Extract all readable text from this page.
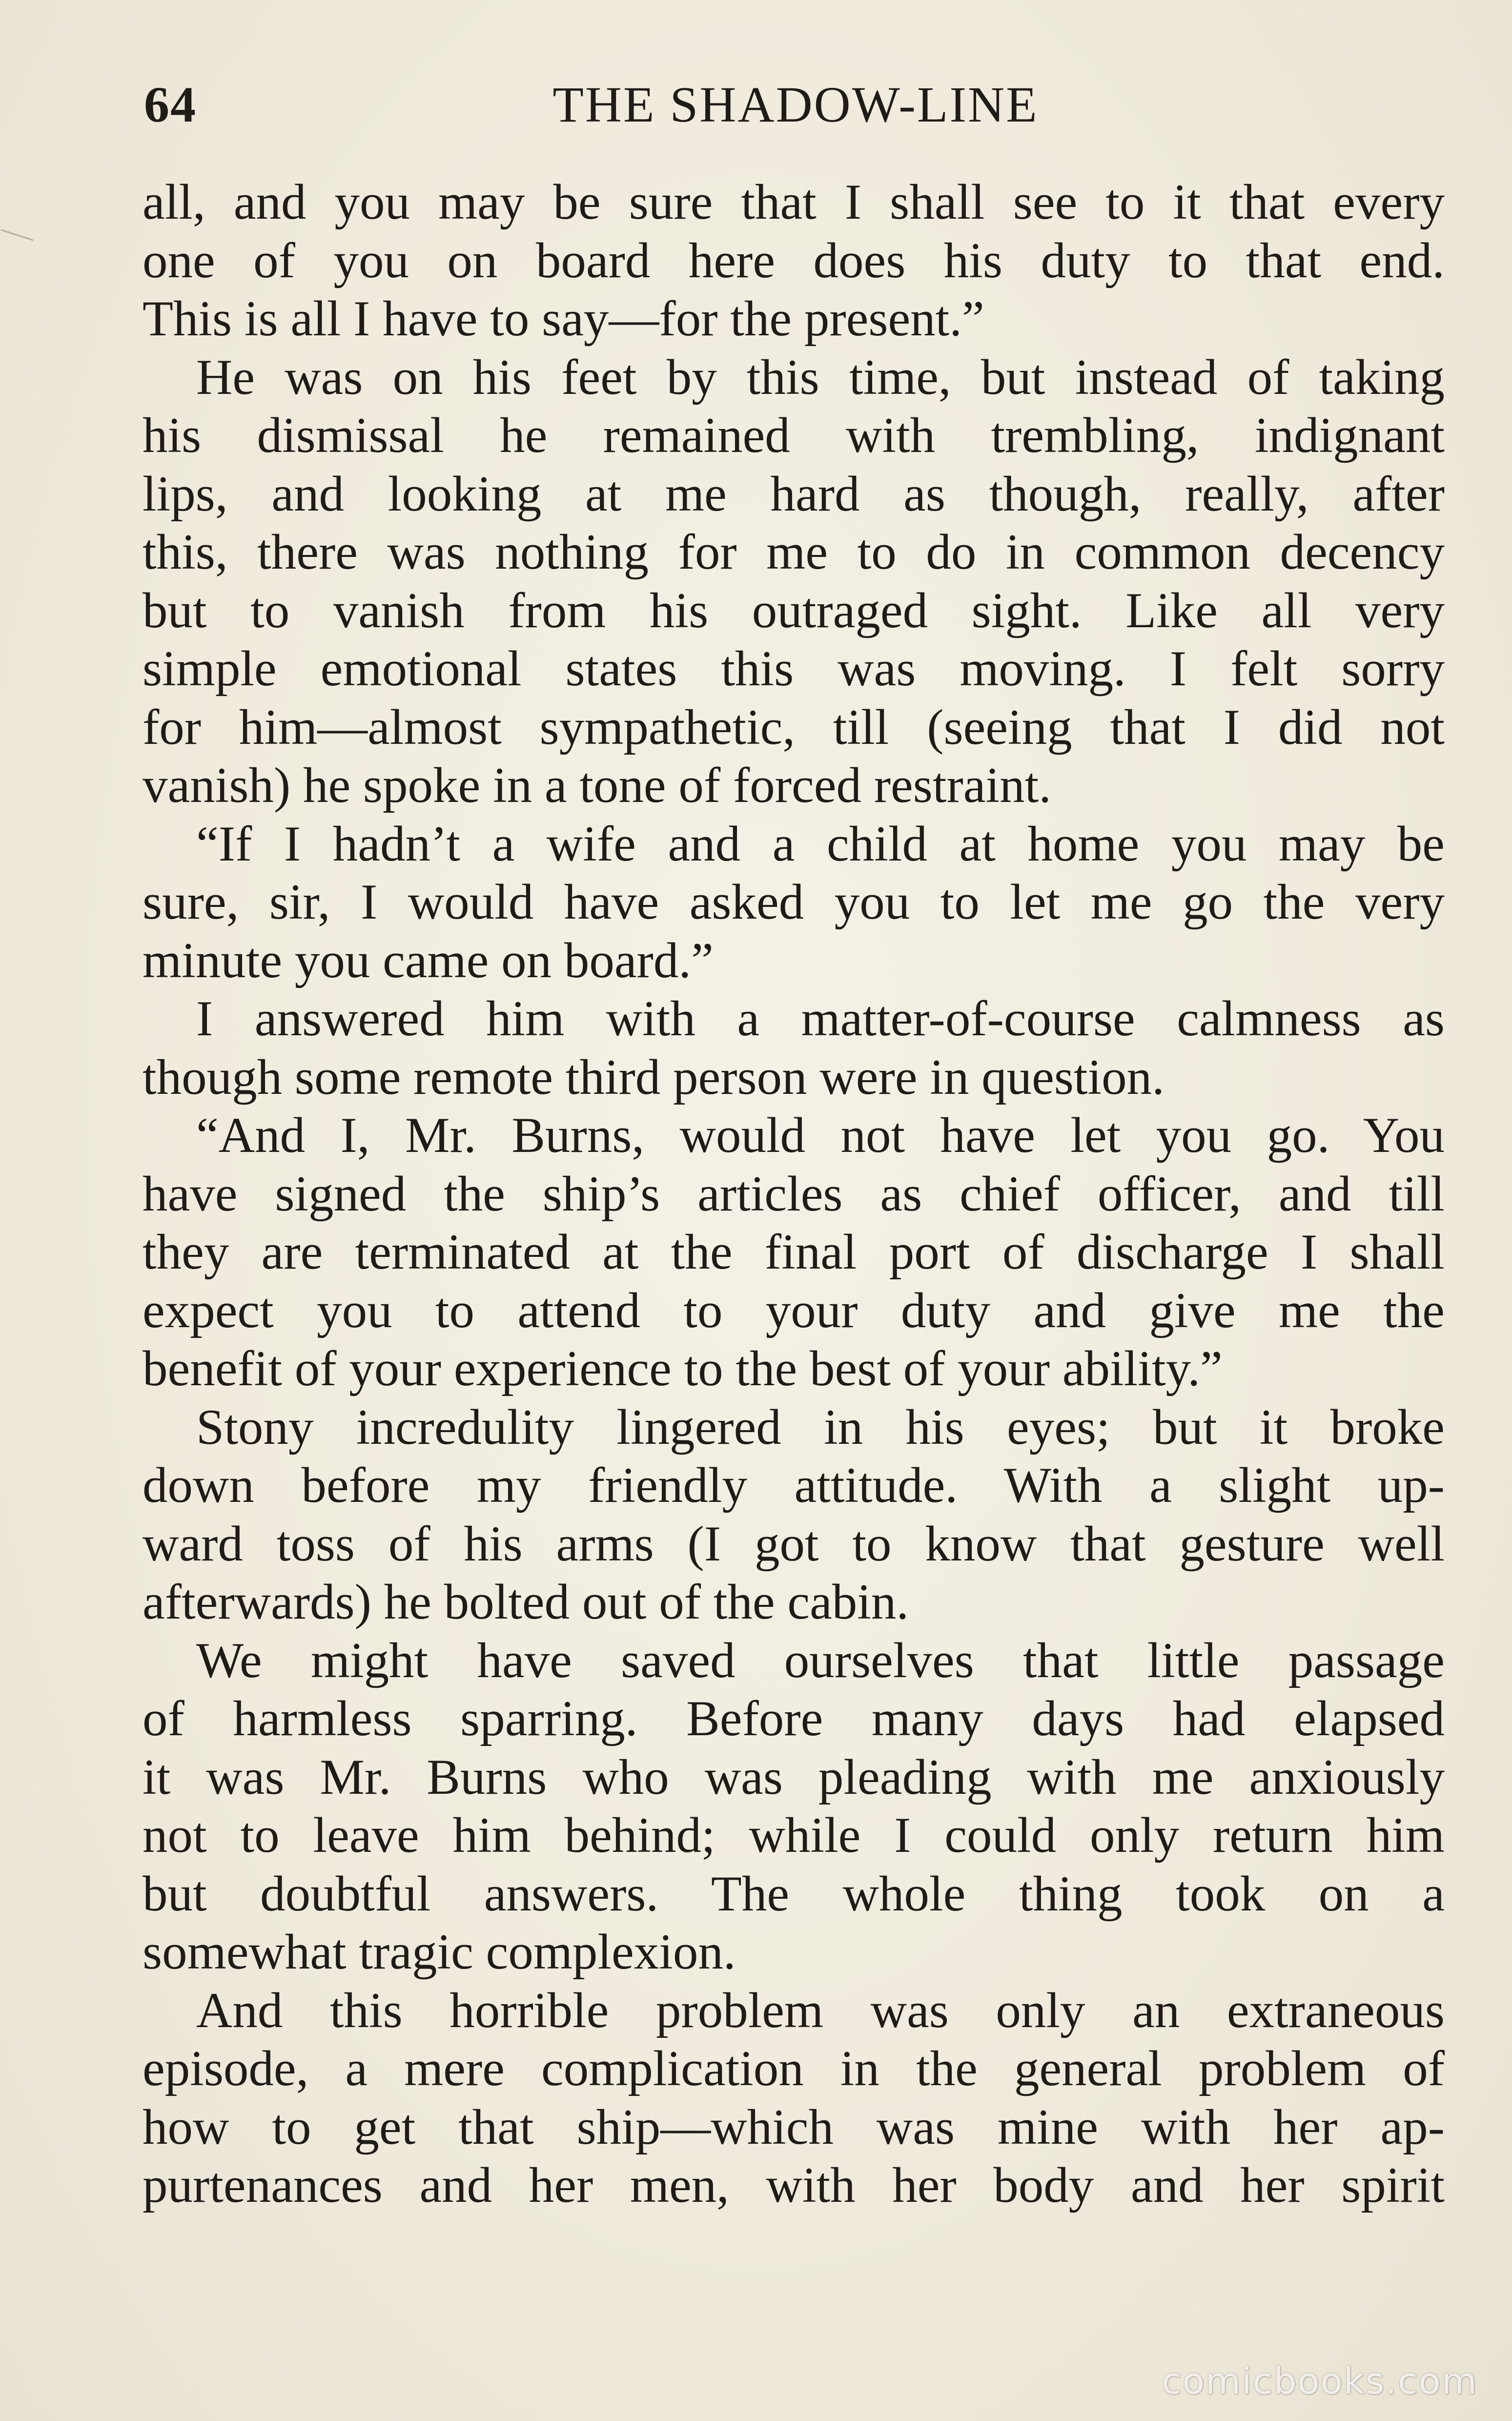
64	THE SHADOW-LINE
all, and you may be sure that I shall see to it that every
one of you on board here does his duty to that end.
This is all I have to say—for the present.”
He was on his feet by this time, but instead of taking
his dismissal he remained with trembling, indignant
lips, and looking at me hard as though, really, after
this, there was nothing for me to do in common decency
but to vanish from his outraged sight. Like all very
simple emotional states this was moving. I felt sorry
for him—almost sympathetic, till (seeing that I did not
vanish) he spoke in a tone of forced restraint.
“If I hadn’t a wife and a child at home you may be
sure, sir, I would have asked you to let me go the very
minute you came on board.”
I answered him with a matter-of-course calmness as
though some remote third person were in question.
“And I, Mr. Burns, would not have let you go. You
have signed the ship’s articles as chief officer, and till
they are terminated at the final port of discharge I shall
expect you to attend to your duty and give me the
benefit of your experience to the best of your ability.”
Stony incredulity lingered in his eyes; but it broke
down before my friendly attitude. With a slight up-
ward toss of his arms (I got to know that gesture well
afterwards) he bolted out of the cabin.
We might have saved ourselves that little passage
of harmless sparring. Before many days had elapsed
it was Mr. Burns who was pleading with me anxiously
not to leave him behind; while I could only return him
but doubtful answers. The whole thing took on a
somewhat tragic complexion.
And this horrible problem was only an extraneous
episode, a mere complication in the general problem of
how to get that ship—which was mine with her ap-
purtenances and her men, with her body and her spirit
comicbooks.com
